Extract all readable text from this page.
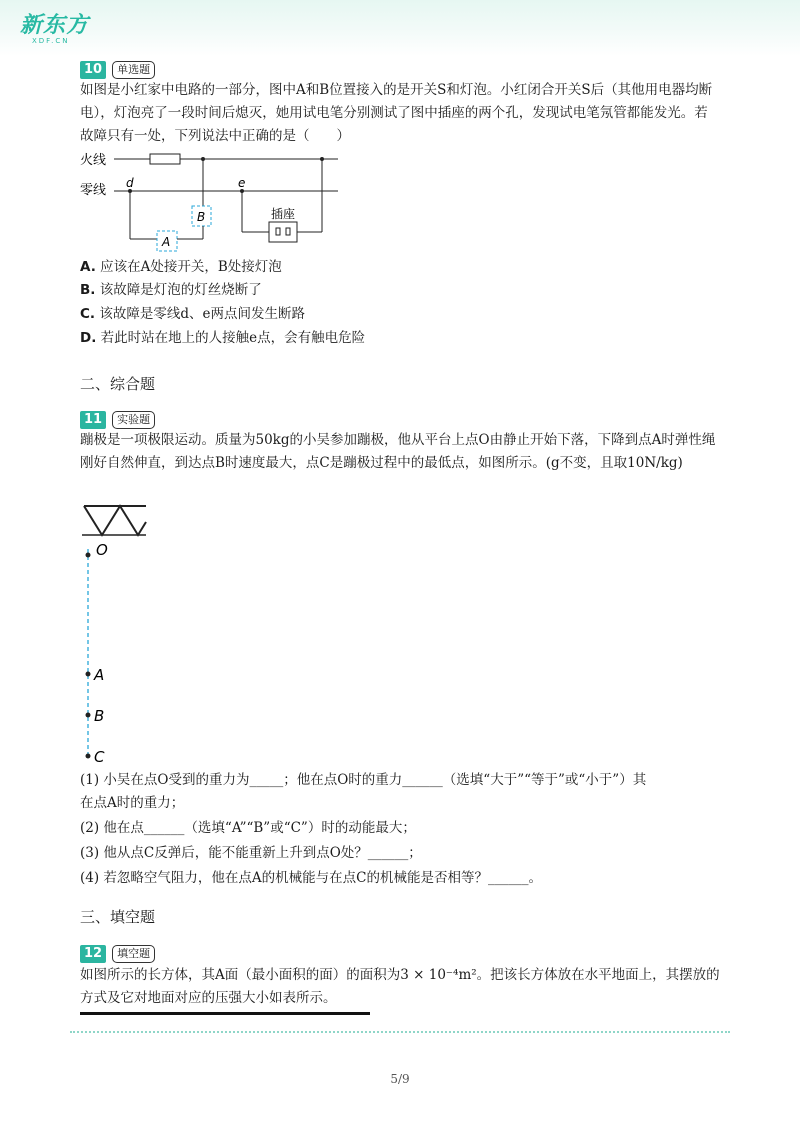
新东方
XDF.CN
10	单选题
如图是小红家中电路的一部分，图中A和B位置接入的是开关S和灯泡。小红闭合开关S后（其他用电器均断电），灯泡亮了一段时间后熄灭，她用试电笔分别测试了图中插座的两个孔，发现试电笔氖管都能发光。若故障只有一处，下列说法中正确的是（　　）
火线
零线 d	e
B
A
插座
A. 应该在A处接开关，B处接灯泡
B. 该故障是灯泡的灯丝烧断了
C. 该故障是零线d、e两点间发生断路
D. 若此时站在地上的人接触e点，会有触电危险
二、综合题
11	实验题
蹦极是一项极限运动。质量为50kg的小吴参加蹦极，他从平台上点O由静止开始下落，下降到点A时弹性绳刚好自然伸直，到达点B时速度最大，点C是蹦极过程中的最低点，如图所示。(g不变，且取10N/kg)
O
A
B
C
(1) 小吴在点O受到的重力为_____；他在点O时的重力______（选填“大于”“等于”或“小于”）其
在点A时的重力；
(2) 他在点______（选填“A”“B”或“C”）时的动能最大；
(3) 他从点C反弹后，能不能重新上升到点O处？______；
(4) 若忽略空气阻力，他在点A的机械能与在点C的机械能是否相等？______。
三、填空题
12	填空题
如图所示的长方体，其A面（最小面积的面）的面积为3 × 10⁻⁴m²。把该长方体放在水平地面上，其摆放的方式及它对地面对应的压强大小如表所示。
5/9
